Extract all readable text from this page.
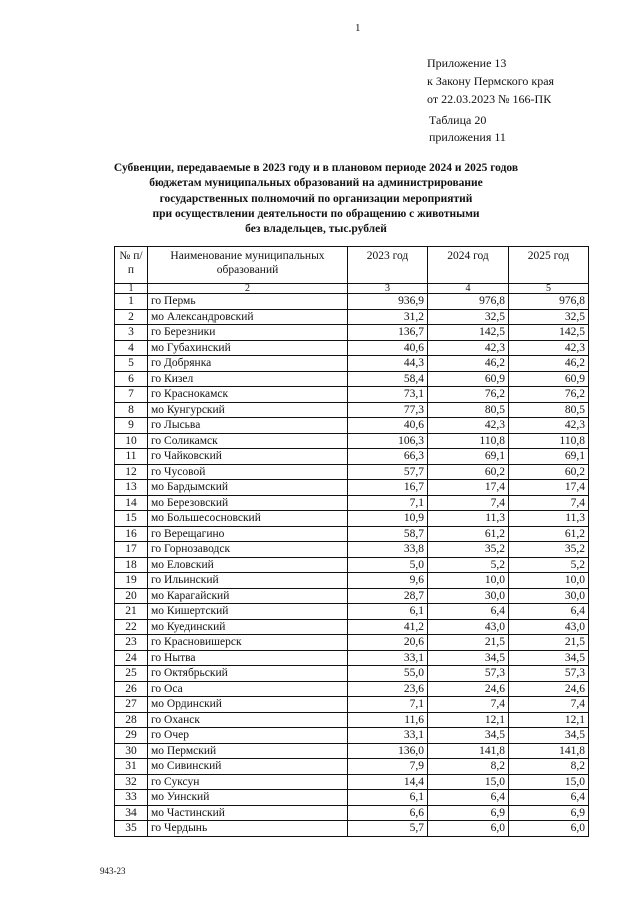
1
Приложение 13
к Закону Пермского края
от 22.03.2023 № 166-ПК
Таблица 20
приложения 11
Субвенции, передаваемые в 2023 году и в плановом периоде 2024 и 2025 годов
бюджетам муниципальных образований на администрирование
государственных полномочий по организации мероприятий
при осуществлении деятельности по обращению с животными
без владельцев, тыс.рублей
№ п/п	Наименование муниципальных образований	2023 год	2024 год	2025 год
1	2	3	4	5
1	го Пермь	936,9	976,8	976,8
2	мо Александровский	31,2	32,5	32,5
3	го Березники	136,7	142,5	142,5
4	мо Губахинский	40,6	42,3	42,3
5	го Добрянка	44,3	46,2	46,2
6	го Кизел	58,4	60,9	60,9
7	го Краснокамск	73,1	76,2	76,2
8	мо Кунгурский	77,3	80,5	80,5
9	го Лысьва	40,6	42,3	42,3
10	го Соликамск	106,3	110,8	110,8
11	го Чайковский	66,3	69,1	69,1
12	го Чусовой	57,7	60,2	60,2
13	мо Бардымский	16,7	17,4	17,4
14	мо Березовский	7,1	7,4	7,4
15	мо Большесосновский	10,9	11,3	11,3
16	го Верещагино	58,7	61,2	61,2
17	го Горнозаводск	33,8	35,2	35,2
18	мо Еловский	5,0	5,2	5,2
19	го Ильинский	9,6	10,0	10,0
20	мо Карагайский	28,7	30,0	30,0
21	мо Кишертский	6,1	6,4	6,4
22	мо Куединский	41,2	43,0	43,0
23	го Красновишерск	20,6	21,5	21,5
24	го Нытва	33,1	34,5	34,5
25	го Октябрьский	55,0	57,3	57,3
26	го Оса	23,6	24,6	24,6
27	мо Ординский	7,1	7,4	7,4
28	го Оханск	11,6	12,1	12,1
29	го Очер	33,1	34,5	34,5
30	мо Пермский	136,0	141,8	141,8
31	мо Сивинский	7,9	8,2	8,2
32	го Суксун	14,4	15,0	15,0
33	мо Уинский	6,1	6,4	6,4
34	мо Частинский	6,6	6,9	6,9
35	го Чердынь	5,7	6,0	6,0
943-23
